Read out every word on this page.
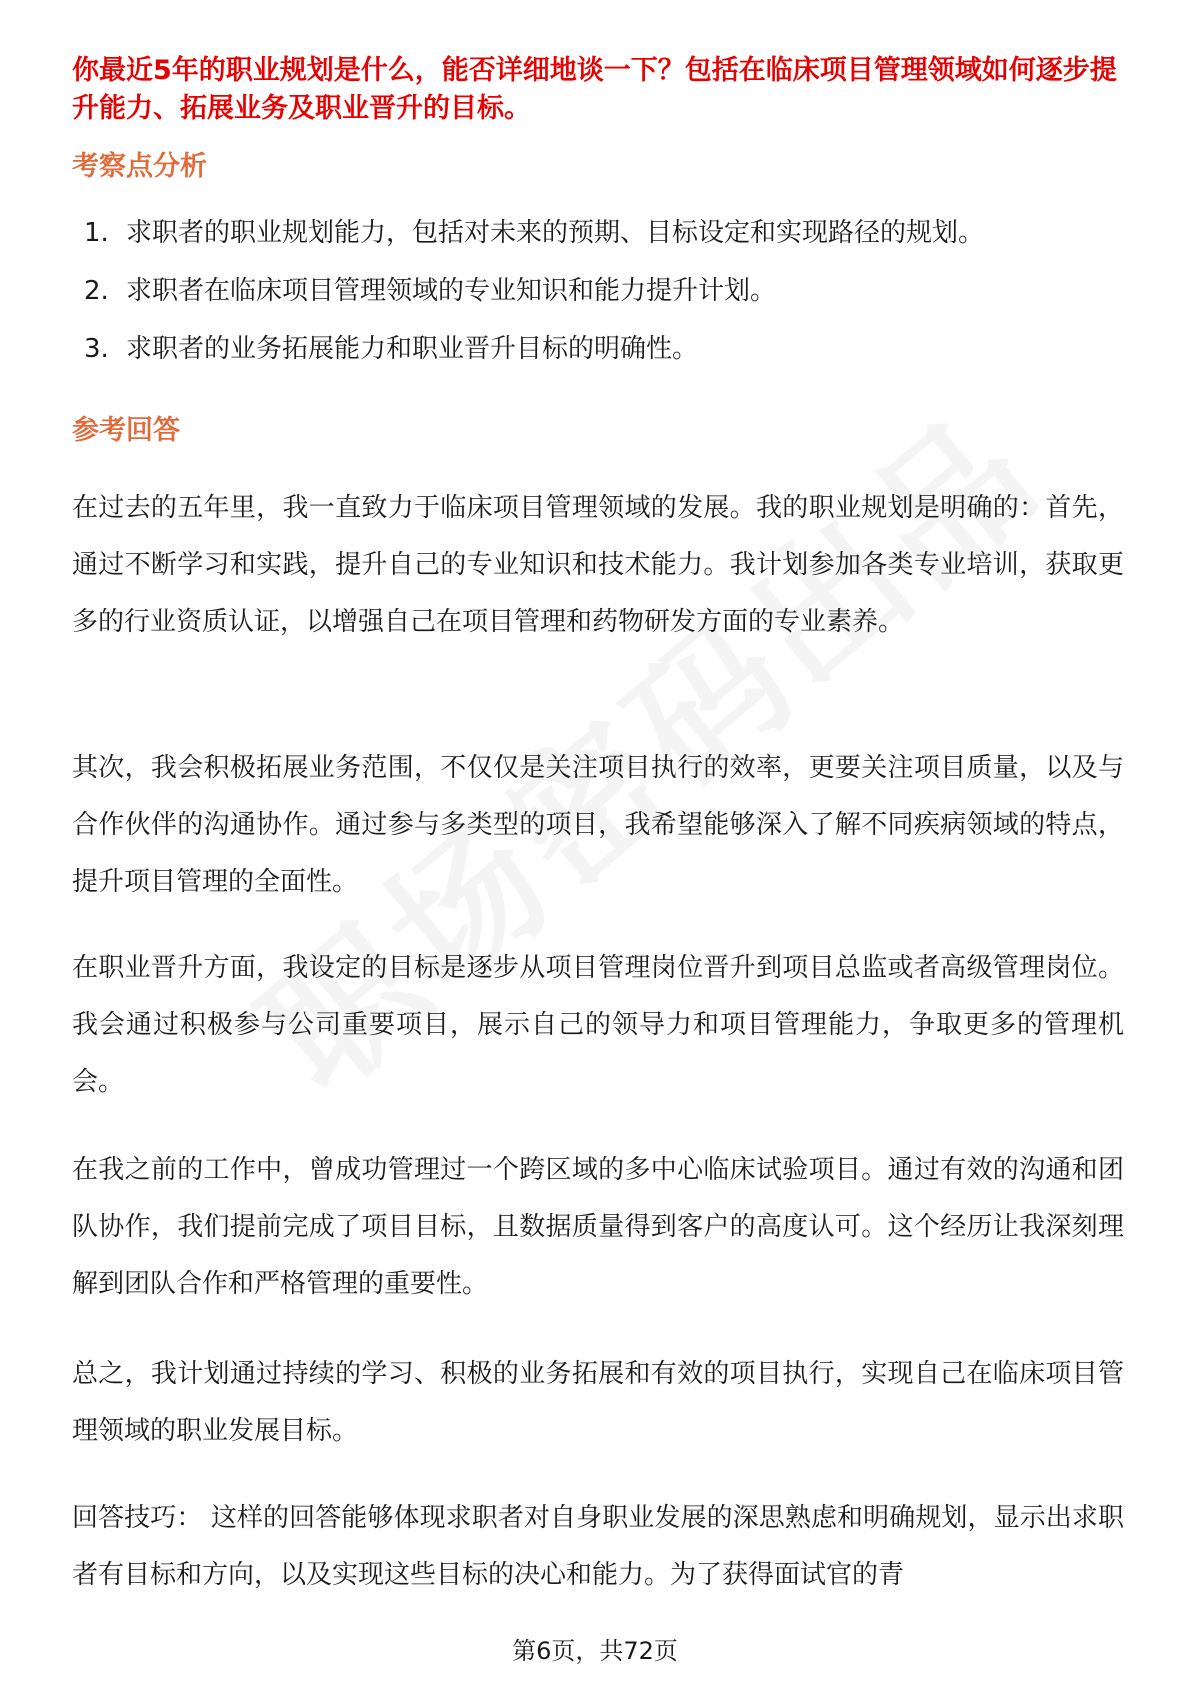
你最近5年的职业规划是什么，能否详细地谈一下？包括在临床项目管理领域如何逐步提升能力、拓展业务及职业晋升的目标。

考察点分析
1. 求职者的职业规划能力，包括对未来的预期、目标设定和实现路径的规划。
2. 求职者在临床项目管理领域的专业知识和能力提升计划。
3. 求职者的业务拓展能力和职业晋升目标的明确性。
参考回答

在过去的五年里，我一直致力于临床项目管理领域的发展。我的职业规划是明确的：首先，通过不断学习和实践，提升自己的专业知识和技术能力。我计划参加各类专业培训，获取更多的行业资质认证，以增强自己在项目管理和药物研发方面的专业素养。

其次，我会积极拓展业务范围，不仅仅是关注项目执行的效率，更要关注项目质量，以及与合作伙伴的沟通协作。通过参与多类型的项目，我希望能够深入了解不同疾病领域的特点，提升项目管理的全面性。

在职业晋升方面，我设定的目标是逐步从项目管理岗位晋升到项目总监或者高级管理岗位。我会通过积极参与公司重要项目，展示自己的领导力和项目管理能力，争取更多的管理机会。

在我之前的工作中，曾成功管理过一个跨区域的多中心临床试验项目。通过有效的沟通和团队协作，我们提前完成了项目目标，且数据质量得到客户的高度认可。这个经历让我深刻理解到团队合作和严格管理的重要性。

总之，我计划通过持续的学习、积极的业务拓展和有效的项目执行，实现自己在临床项目管理领域的职业发展目标。

回答技巧： 这样的回答能够体现求职者对自身职业发展的深思熟虑和明确规划，显示出求职者有目标和方向，以及实现这些目标的决心和能力。为了获得面试官的青

第6页，共72页
